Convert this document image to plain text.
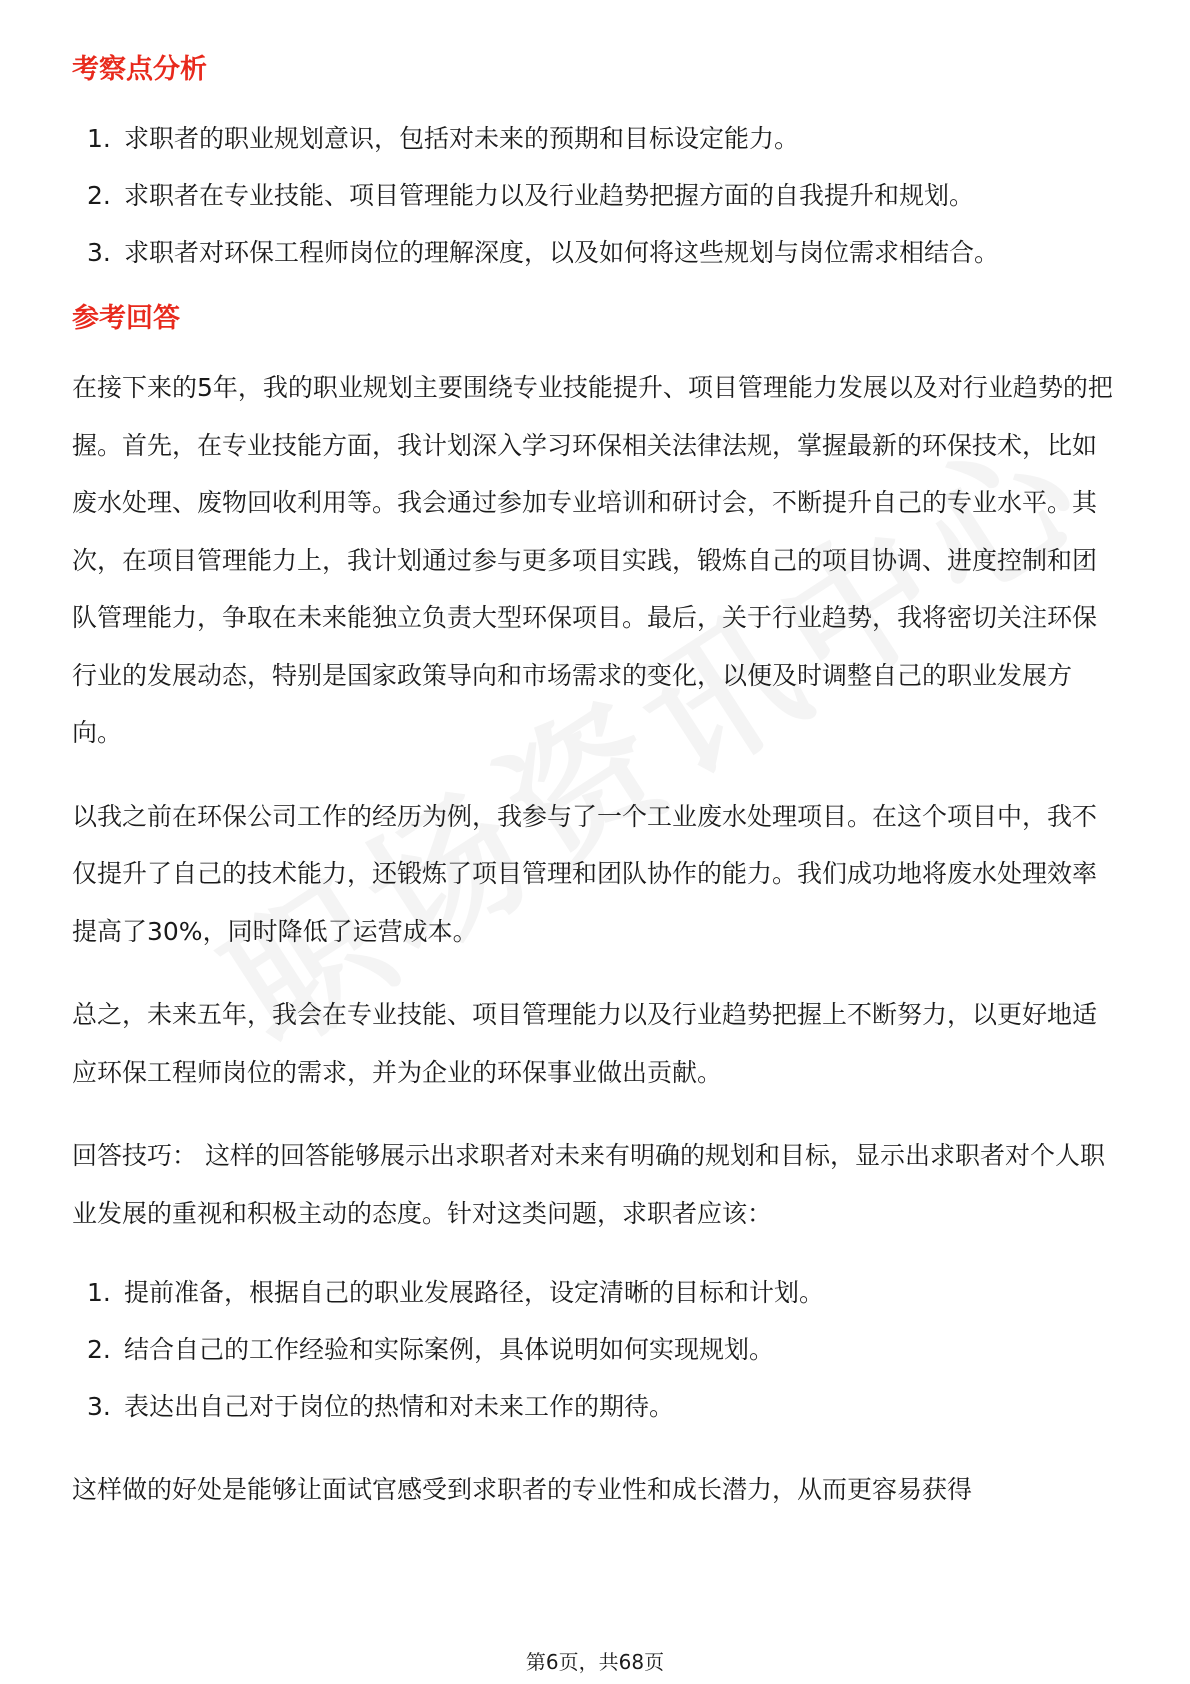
考察点分析
1. 求职者的职业规划意识，包括对未来的预期和目标设定能力。
2. 求职者在专业技能、项目管理能力以及行业趋势把握方面的自我提升和规划。
3. 求职者对环保工程师岗位的理解深度，以及如何将这些规划与岗位需求相结合。
参考回答

在接下来的5年，我的职业规划主要围绕专业技能提升、项目管理能力发展以及对行业趋势的把握。首先，在专业技能方面，我计划深入学习环保相关法律法规，掌握最新的环保技术，比如废水处理、废物回收利用等。我会通过参加专业培训和研讨会，不断提升自己的专业水平。其次，在项目管理能力上，我计划通过参与更多项目实践，锻炼自己的项目协调、进度控制和团队管理能力，争取在未来能独立负责大型环保项目。最后，关于行业趋势，我将密切关注环保行业的发展动态，特别是国家政策导向和市场需求的变化，以便及时调整自己的职业发展方向。

以我之前在环保公司工作的经历为例，我参与了一个工业废水处理项目。在这个项目中，我不仅提升了自己的技术能力，还锻炼了项目管理和团队协作的能力。我们成功地将废水处理效率提高了30%，同时降低了运营成本。

总之，未来五年，我会在专业技能、项目管理能力以及行业趋势把握上不断努力，以更好地适应环保工程师岗位的需求，并为企业的环保事业做出贡献。

回答技巧： 这样的回答能够展示出求职者对未来有明确的规划和目标，显示出求职者对个人职业发展的重视和积极主动的态度。针对这类问题，求职者应该：

1. 提前准备，根据自己的职业发展路径，设定清晰的目标和计划。
2. 结合自己的工作经验和实际案例，具体说明如何实现规划。
3. 表达出自己对于岗位的热情和对未来工作的期待。

这样做的好处是能够让面试官感受到求职者的专业性和成长潜力，从而更容易获得

第6页，共68页
